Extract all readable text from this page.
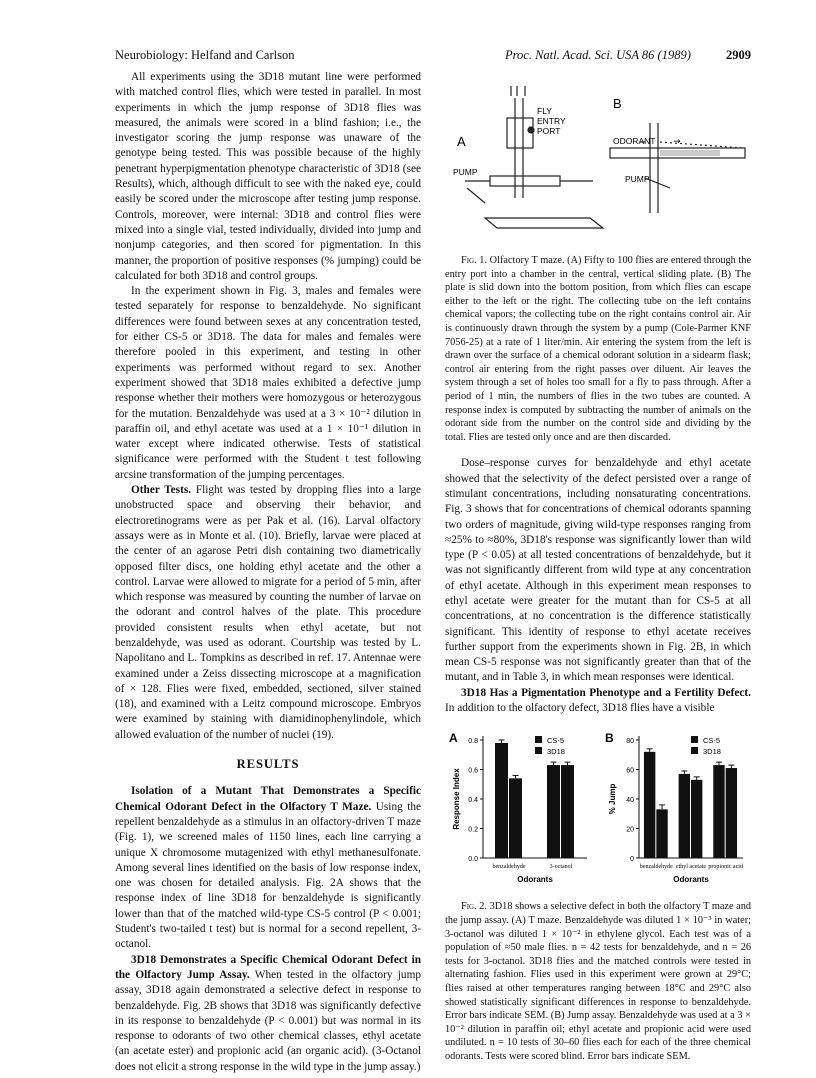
Neurobiology: Helfand and Carlson	Proc. Natl. Acad. Sci. USA 86 (1989)	2909

All experiments using the 3D18 mutant line were performed with matched control flies, which were tested in parallel. In most experiments in which the jump response of 3D18 flies was measured, the animals were scored in a blind fashion; i.e., the investigator scoring the jump response was unaware of the genotype being tested. This was possible because of the highly penetrant hyperpigmentation phenotype characteristic of 3D18 (see Results), which, although difficult to see with the naked eye, could easily be scored under the microscope after testing jump response. Controls, moreover, were internal: 3D18 and control flies were mixed into a single vial, tested individually, divided into jump and nonjump categories, and then scored for pigmentation. In this manner, the proportion of positive responses (% jumping) could be calculated for both 3D18 and control groups.

In the experiment shown in Fig. 3, males and females were tested separately for response to benzaldehyde. No significant differences were found between sexes at any concentration tested, for either CS-5 or 3D18. The data for males and females were therefore pooled in this experiment, and testing in other experiments was performed without regard to sex. Another experiment showed that 3D18 males exhibited a defective jump response whether their mothers were homozygous or heterozygous for the mutation. Benzaldehyde was used at a 3 × 10⁻² dilution in paraffin oil, and ethyl acetate was used at a 1 × 10⁻¹ dilution in water except where indicated otherwise. Tests of statistical significance were performed with the Student t test following arcsine transformation of the jumping percentages.

Other Tests. Flight was tested by dropping flies into a large unobstructed space and observing their behavior, and electroretinograms were as per Pak et al. (16). Larval olfactory assays were as in Monte et al. (10). Briefly, larvae were placed at the center of an agarose Petri dish containing two diametrically opposed filter discs, one holding ethyl acetate and the other a control. Larvae were allowed to migrate for a period of 5 min, after which response was measured by counting the number of larvae on the odorant and control halves of the plate. This procedure provided consistent results when ethyl acetate, but not benzaldehyde, was used as odorant. Courtship was tested by L. Napolitano and L. Tompkins as described in ref. 17. Antennae were examined under a Zeiss dissecting microscope at a magnification of × 128. Flies were fixed, embedded, sectioned, silver stained (18), and examined with a Leitz compound microscope. Embryos were examined by staining with diamidinophenylindole, which allowed evaluation of the number of nuclei (19).

RESULTS

Isolation of a Mutant That Demonstrates a Specific Chemical Odorant Defect in the Olfactory T Maze. Using the repellent benzaldehyde as a stimulus in an olfactory-driven T maze (Fig. 1), we screened males of 1150 lines, each line carrying a unique X chromosome mutagenized with ethyl methanesulfonate. Among several lines identified on the basis of low response index, one was chosen for detailed analysis. Fig. 2A shows that the response index of line 3D18 for benzaldehyde is significantly lower than that of the matched wild-type CS-5 control (P < 0.001; Student's two-tailed t test) but is normal for a second repellent, 3-octanol.

3D18 Demonstrates a Specific Chemical Odorant Defect in the Olfactory Jump Assay. When tested in the olfactory jump assay, 3D18 again demonstrated a selective defect in response to benzaldehyde. Fig. 2B shows that 3D18 was significantly defective in its response to benzaldehyde (P < 0.001) but was normal in its response to odorants of two other chemical classes, ethyl acetate (an acetate ester) and propionic acid (an organic acid). (3-Octanol does not elicit a strong response in the wild type in the jump assay.)

A
FLY
ENTRY
PORT
PUMP
B
ODORANT →
PUMP

Fig. 1. Olfactory T maze. (A) Fifty to 100 flies are entered through the entry port into a chamber in the central, vertical sliding plate. (B) The plate is slid down into the bottom position, from which flies can escape either to the left or the right. The collecting tube on the left contains chemical vapors; the collecting tube on the right contains control air. Air is continuously drawn through the system by a pump (Cole-Parmer KNF 7056-25) at a rate of 1 liter/min. Air entering the system from the left is drawn over the surface of a chemical odorant solution in a sidearm flask; control air entering from the right passes over diluent. Air leaves the system through a set of holes too small for a fly to pass through. After a period of 1 min, the numbers of flies in the two tubes are counted. A response index is computed by subtracting the number of animals on the odorant side from the number on the control side and dividing by the total. Flies are tested only once and are then discarded.

Dose–response curves for benzaldehyde and ethyl acetate showed that the selectivity of the defect persisted over a range of stimulant concentrations, including nonsaturating concentrations. Fig. 3 shows that for concentrations of chemical odorants spanning two orders of magnitude, giving wild-type responses ranging from ≈25% to ≈80%, 3D18's response was significantly lower than wild type (P < 0.05) at all tested concentrations of benzaldehyde, but it was not significantly different from wild type at any concentration of ethyl acetate. Although in this experiment mean responses to ethyl acetate were greater for the mutant than for CS-5 at all concentrations, at no concentration is the difference statistically significant. This identity of response to ethyl acetate receives further support from the experiments shown in Fig. 2B, in which mean CS-5 response was not significantly greater than that of the mutant, and in Table 3, in which mean responses were identical.

3D18 Has a Pigmentation Phenotype and a Fertility Defect. In addition to the olfactory defect, 3D18 flies have a visible

A
0.0
0.2
0.4
0.6
0.8
Response Index
benzaldehyde	3-octanol
Odorants
CS-5
3D18
B
0
20
40
60
80
% Jump
benzaldehyde ethyl acetate propionic acid
Odorants
CS-5
3D18

Fig. 2. 3D18 shows a selective defect in both the olfactory T maze and the jump assay. (A) T maze. Benzaldehyde was diluted 1 × 10⁻³ in water; 3-octanol was diluted 1 × 10⁻² in ethylene glycol. Each test was of a population of ≈50 male flies. n = 42 tests for benzaldehyde, and n = 26 tests for 3-octanol. 3D18 flies and the matched controls were tested in alternating fashion. Flies used in this experiment were grown at 29°C; flies raised at other temperatures ranging between 18°C and 29°C also showed statistically significant differences in response to benzaldehyde. Error bars indicate SEM. (B) Jump assay. Benzaldehyde was used at a 3 × 10⁻² dilution in paraffin oil; ethyl acetate and propionic acid were used undiluted. n = 10 tests of 30–60 flies each for each of the three chemical odorants. Tests were scored blind. Error bars indicate SEM.
